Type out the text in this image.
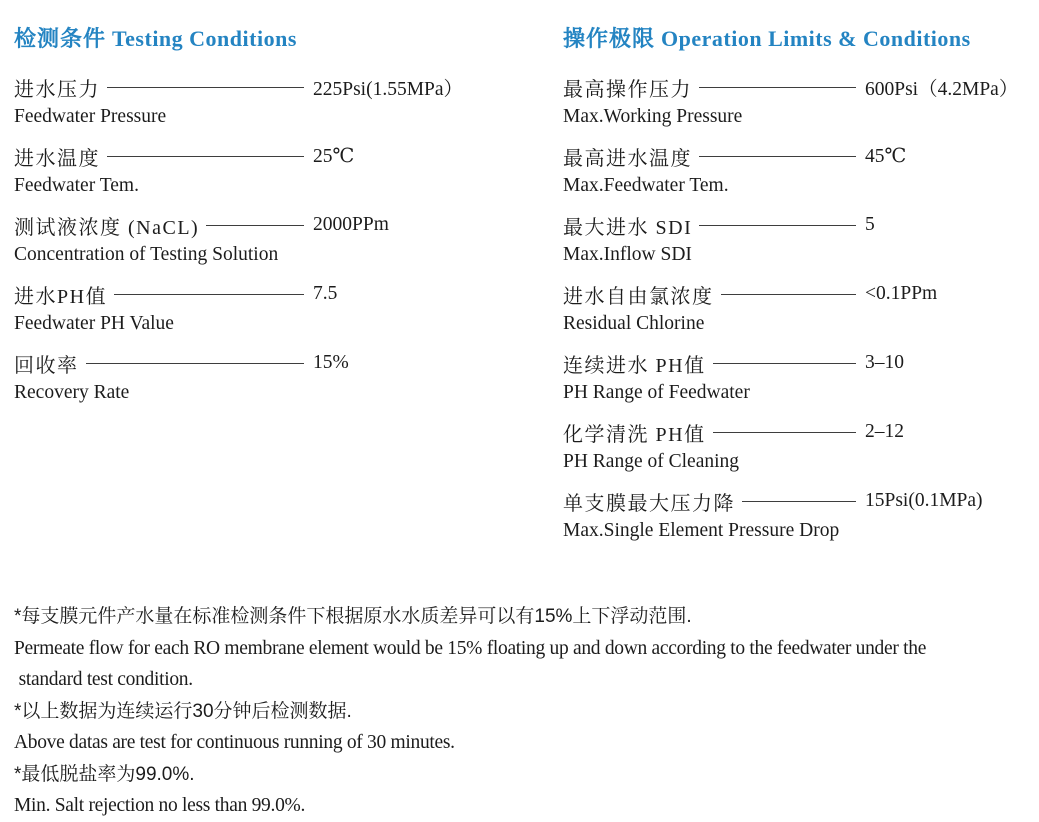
检测条件 Testing Conditions
进水压力	225Psi(1.55MPa）
Feedwater Pressure
进水温度	25℃
Feedwater Tem.
测试液浓度 (NaCL)	2000PPm
Concentration of Testing Solution
进水PH值	7.5
Feedwater PH Value
回收率	15%
Recovery Rate
操作极限 Operation Limits & Conditions
最高操作压力	600Psi（4.2MPa）
Max.Working Pressure
最高进水温度	45℃
Max.Feedwater Tem.
最大进水 SDI	5
Max.Inflow SDI
进水自由氯浓度	<0.1PPm
Residual Chlorine
连续进水 PH值	3–10
PH Range of Feedwater
化学清洗 PH值	2–12
PH Range of Cleaning
单支膜最大压力降	15Psi(0.1MPa)
Max.Single Element Pressure Drop
*每支膜元件产水量在标准检测条件下根据原水水质差异可以有15%上下浮动范围.
Permeate flow for each RO membrane element would be 15% floating up and down according to the feedwater under the
standard test condition.
*以上数据为连续运行30分钟后检测数据.
Above datas are test for continuous running of 30 minutes.
*最低脱盐率为99.0%.
Min. Salt rejection no less than 99.0%.
